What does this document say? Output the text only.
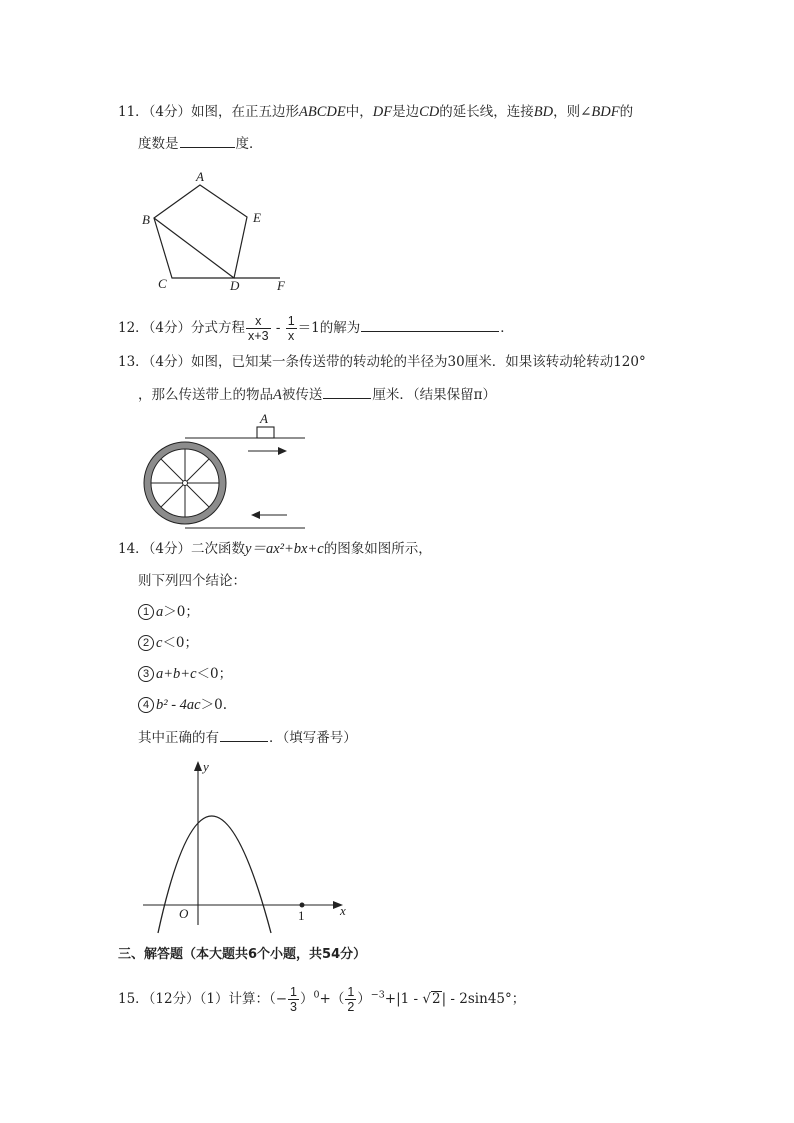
11．（4分）如图，在正五边形ABCDE中，DF是边CD的延长线，连接BD，则∠BDF的
度数是	度．
A
B	E
C	D	F
12．（4分）分式方程 $\frac{x}{x+3} - \frac{1}{x} =1$的解为	．
13．（4分）如图，已知某一条传送带的转动轮的半径为30厘米．如果该转动轮转动120°
，那么传送带上的物品A被传送	厘米．（结果保留π）
A
14．（4分）二次函数y＝ax²+bx+c的图象如图所示，
则下列四个结论：
1 a＞0；
2 c＜0；
3 a+b+c＜0；
4 b² - 4ac＞0.
其中正确的有	．（填写番号）
y
O	1	x
三、解答题（本大题共6个小题，共54分）
15．（12分）（1）计算：（− $\frac{1}{3} )^0+( \frac{1}{2} )^{-3}+|1 - √2| - 2\sin 45^\circ$；
